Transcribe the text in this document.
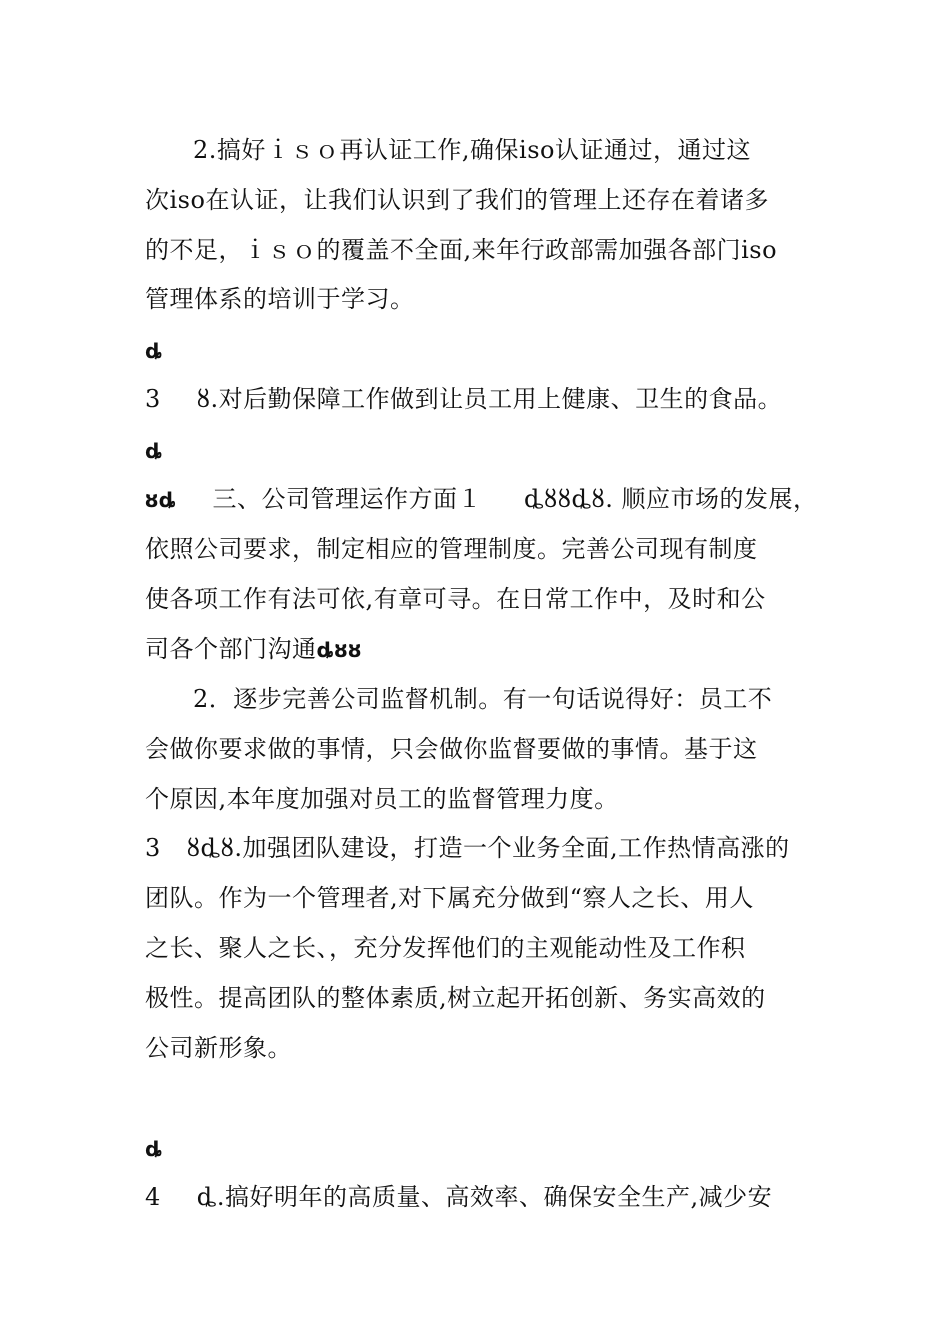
2.搞好ｉｓｏ再认证工作,确保iso认证通过，通过这
次iso在认证，让我们认识到了我们的管理上还存在着诸多
的不足，ｉｓｏ的覆盖不全面,来年行政部需加强各部门iso
管理体系的培训于学习。
ȡ
3 ȣ.对后勤保障工作做到让员工用上健康、卫生的食品。
ȡ
ȣȡ 三、公司管理运作方面１ ȡȣȣȡȣ. 顺应市场的发展，
依照公司要求，制定相应的管理制度。完善公司现有制度
使各项工作有法可依,有章可寻。在日常工作中，及时和公
司各个部门沟通ȡȣȣ
2．逐步完善公司监督机制。有一句话说得好：员工不
会做你要求做的事情，只会做你监督要做的事情。基于这
个原因,本年度加强对员工的监督管理力度。
3 ȣȡȣ.加强团队建设，打造一个业务全面,工作热情高涨的
团队。作为一个管理者,对下属充分做到“察人之长、用人
之长、聚人之长、，充分发挥他们的主观能动性及工作积
极性。提高团队的整体素质,树立起开拓创新、务实高效的
公司新形象。
ȡ
4 ȡ.搞好明年的高质量、高效率、确保安全生产,减少安
